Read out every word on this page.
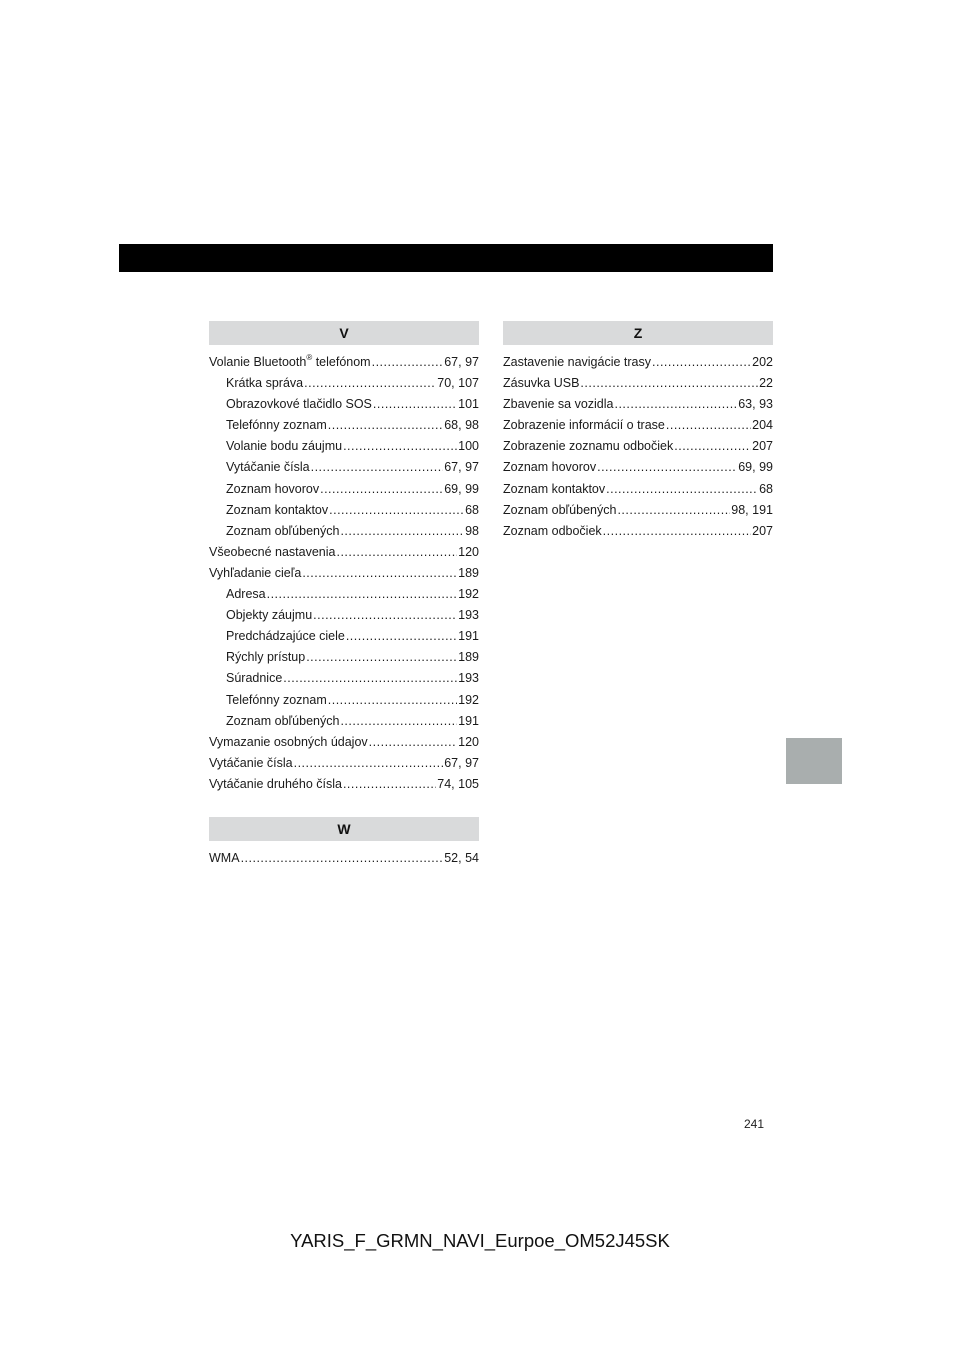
V
Volanie Bluetooth® telefónom .....	67, 97
Krátka správa .....	70, 107
Obrazovkové tlačidlo SOS .....	101
Telefónny zoznam .....	68, 98
Volanie bodu záujmu .....	100
Vytáčanie čísla .....	67, 97
Zoznam hovorov .....	69, 99
Zoznam kontaktov .....	68
Zoznam obľúbených .....	98
Všeobecné nastavenia .....	120
Vyhľadanie cieľa .....	189
Adresa .....	192
Objekty záujmu .....	193
Predchádzajúce ciele .....	191
Rýchly prístup .....	189
Súradnice .....	193
Telefónny zoznam .....	192
Zoznam obľúbených .....	191
Vymazanie osobných údajov .....	120
Vytáčanie čísla .....	67, 97
Vytáčanie druhého čísla .....	74, 105
W
WMA .....	52, 54
Z
Zastavenie navigácie trasy .....	202
Zásuvka USB .....	22
Zbavenie sa vozidla .....	63, 93
Zobrazenie informácií o trase .....	204
Zobrazenie zoznamu odbočiek .....	207
Zoznam hovorov .....	69, 99
Zoznam kontaktov .....	68
Zoznam obľúbených .....	98, 191
Zoznam odbočiek .....	207
241
YARIS_F_GRMN_NAVI_Eurpoe_OM52J45SK
